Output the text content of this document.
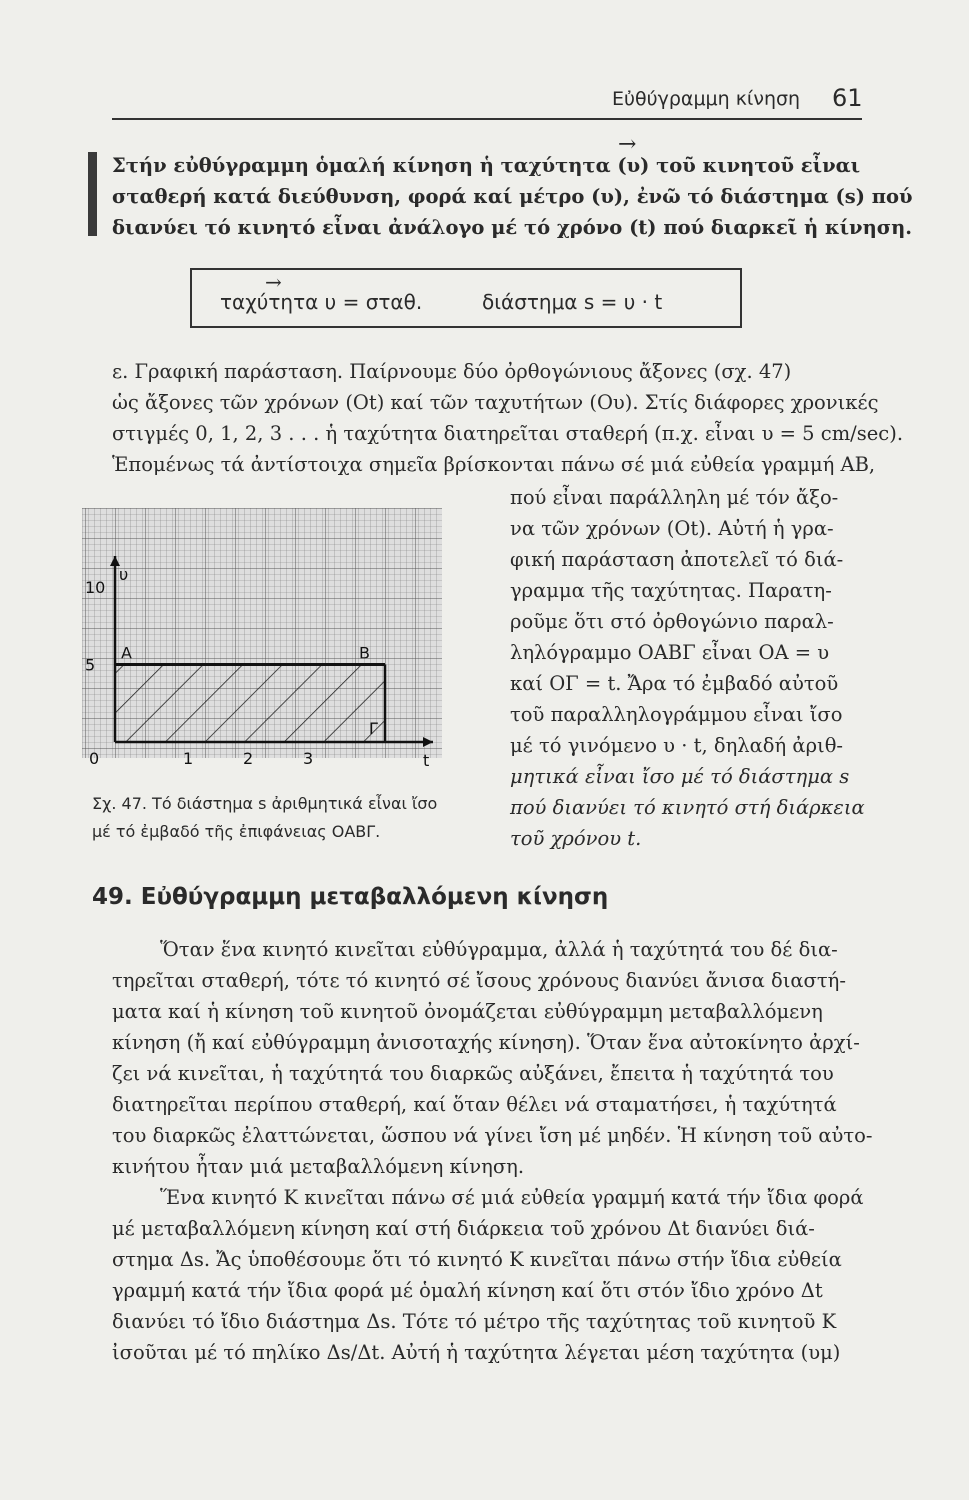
Εὐθύγραμμη κίνηση 61
→
Στήν εὐθύγραμμη ὁμαλή κίνηση ἡ ταχύτητα (υ) τοῦ κινητοῦ εἶναι
σταθερή κατά διεύθυνση, φορά καί μέτρο (υ), ἐνῶ τό διάστημα (s) πού
διανύει τό κινητό εἶναι ἀνάλογο μέ τό χρόνο (t) πού διαρκεῖ ἡ κίνηση.
ταχύτητα υ = σταθ.	διάστημα s = υ · t
→
ε. Γραφική παράσταση. Παίρνουμε δύο ὀρθογώνιους ἄξονες (σχ. 47)
ὡς ἄξονες τῶν χρόνων (Οt) καί τῶν ταχυτήτων (Ου). Στίς διάφορες χρονικές
στιγμές 0, 1, 2, 3 . . . ἡ ταχύτητα διατηρεῖται σταθερή (π.χ. εἶναι υ = 5 cm/sec).
Ἑπομένως τά ἀντίστοιχα σημεῖα βρίσκονται πάνω σέ μιά εὐθεία γραμμή ΑΒ,
υ
t
10
5
0	1	2	3
A	B
Γ
Σχ. 47. Τό διάστημα s ἀριθμητικά εἶναι ἴσο
μέ τό ἐμβαδό τῆς ἐπιφάνειας ΟΑΒΓ.
πού εἶναι παράλληλη μέ τόν ἄξο-
να τῶν χρόνων (Οt). Αὐτή ἡ γρα-
φική παράσταση ἀποτελεῖ τό διά-
γραμμα τῆς ταχύτητας. Παρατη-
ροῦμε ὅτι στό ὀρθογώνιο παραλ-
ληλόγραμμο ΟΑΒΓ εἶναι ΟΑ = υ
καί ΟΓ = t. Ἄρα τό ἐμβαδό αὐτοῦ
τοῦ παραλληλογράμμου εἶναι ἴσο
μέ τό γινόμενο υ · t, δηλαδή ἀριθ-
μητικά εἶναι ἴσο μέ τό διάστημα s
πού διανύει τό κινητό στή διάρκεια
τοῦ χρόνου t.
49. Εὐθύγραμμη μεταβαλλόμενη κίνηση
Ὅταν ἕνα κινητό κινεῖται εὐθύγραμμα, ἀλλά ἡ ταχύτητά του δέ δια-
τηρεῖται σταθερή, τότε τό κινητό σέ ἴσους χρόνους διανύει ἄνισα διαστή-
ματα καί ἡ κίνηση τοῦ κινητοῦ ὀνομάζεται εὐθύγραμμη μεταβαλλόμενη
κίνηση (ἤ καί εὐθύγραμμη ἀνισοταχής κίνηση). Ὅταν ἕνα αὐτοκίνητο ἀρχί-
ζει νά κινεῖται, ἡ ταχύτητά του διαρκῶς αὐξάνει, ἔπειτα ἡ ταχύτητά του
διατηρεῖται περίπου σταθερή, καί ὅταν θέλει νά σταματήσει, ἡ ταχύτητά
του διαρκῶς ἐλαττώνεται, ὥσπου νά γίνει ἴση μέ μηδέν. Ἡ κίνηση τοῦ αὐτο-
κινήτου ἦταν μιά μεταβαλλόμενη κίνηση.
Ἕνα κινητό Κ κινεῖται πάνω σέ μιά εὐθεία γραμμή κατά τήν ἴδια φορά
μέ μεταβαλλόμενη κίνηση καί στή διάρκεια τοῦ χρόνου Δt διανύει διά-
στημα Δs. Ἄς ὑποθέσουμε ὅτι τό κινητό Κ κινεῖται πάνω στήν ἴδια εὐθεία
γραμμή κατά τήν ἴδια φορά μέ ὁμαλή κίνηση καί ὅτι στόν ἴδιο χρόνο Δt
διανύει τό ἴδιο διάστημα Δs. Τότε τό μέτρο τῆς ταχύτητας τοῦ κινητοῦ Κ
ἰσοῦται μέ τό πηλίκο Δs/Δt. Αὐτή ἡ ταχύτητα λέγεται μέση ταχύτητα (υμ)
